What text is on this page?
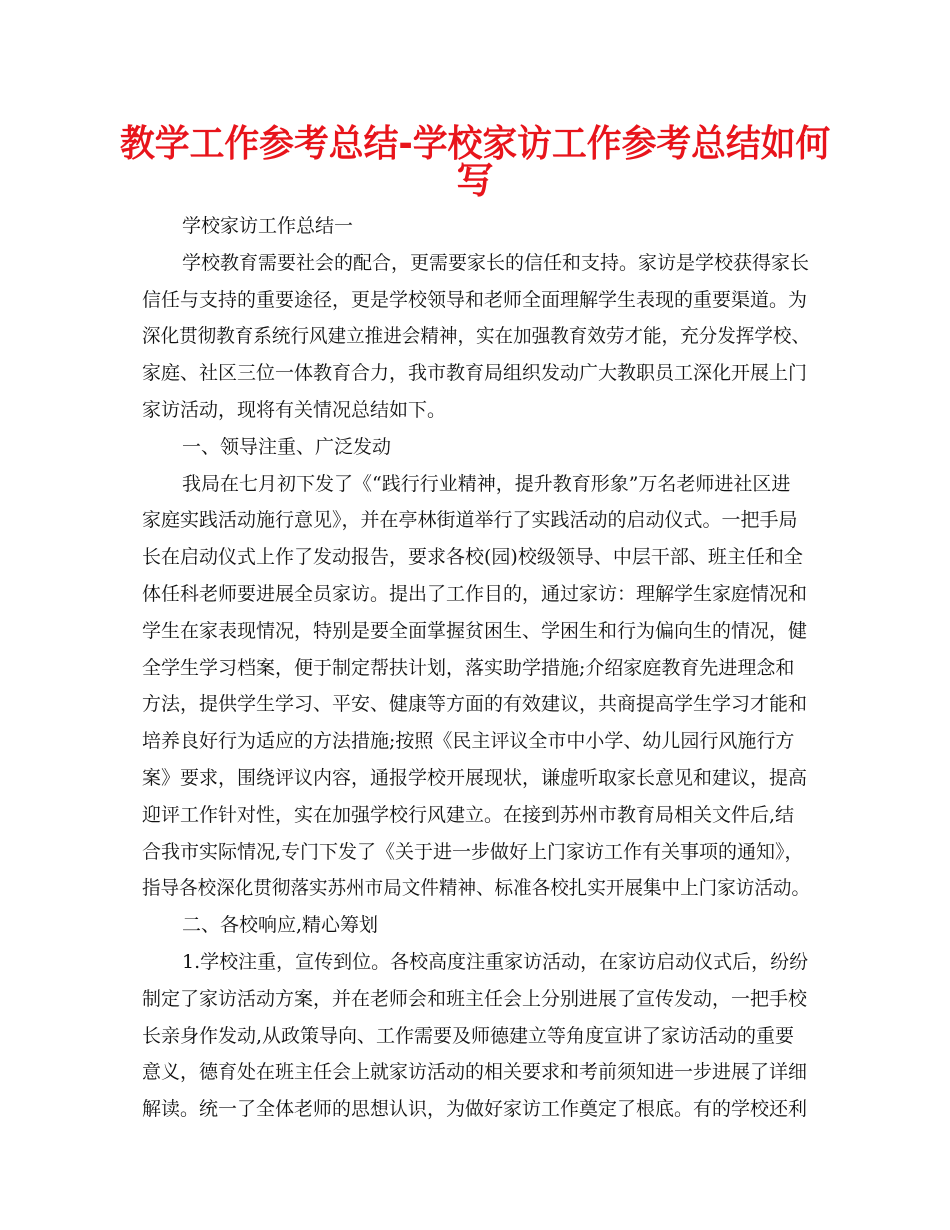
教学工作参考总结-学校家访工作参考总结如何
写
学校家访工作总结一
学校教育需要社会的配合，更需要家长的信任和支持。家访是学校获得家长
信任与支持的重要途径，更是学校领导和老师全面理解学生表现的重要渠道。为
深化贯彻教育系统行风建立推进会精神，实在加强教育效劳才能，充分发挥学校、
家庭、社区三位一体教育合力，我市教育局组织发动广大教职员工深化开展上门
家访活动，现将有关情况总结如下。
一、领导注重、广泛发动
我局在七月初下发了《“践行行业精神，提升教育形象”万名老师进社区进
家庭实践活动施行意见》，并在亭林街道举行了实践活动的启动仪式。一把手局
长在启动仪式上作了发动报告，要求各校(园)校级领导、中层干部、班主任和全
体任科老师要进展全员家访。提出了工作目的，通过家访：理解学生家庭情况和
学生在家表现情况，特别是要全面掌握贫困生、学困生和行为偏向生的情况，健
全学生学习档案，便于制定帮扶计划，落实助学措施;介绍家庭教育先进理念和
方法，提供学生学习、平安、健康等方面的有效建议，共商提高学生学习才能和
培养良好行为适应的方法措施;按照《民主评议全市中小学、幼儿园行风施行方
案》要求，围绕评议内容，通报学校开展现状，谦虚听取家长意见和建议，提高
迎评工作针对性，实在加强学校行风建立。在接到苏州市教育局相关文件后,结
合我市实际情况,专门下发了《关于进一步做好上门家访工作有关事项的通知》，
指导各校深化贯彻落实苏州市局文件精神、标准各校扎实开展集中上门家访活动。
二、各校响应,精心筹划
1.学校注重，宣传到位。各校高度注重家访活动，在家访启动仪式后，纷纷
制定了家访活动方案，并在老师会和班主任会上分别进展了宣传发动，一把手校
长亲身作发动,从政策导向、工作需要及师德建立等角度宣讲了家访活动的重要
意义，德育处在班主任会上就家访活动的相关要求和考前须知进一步进展了详细
解读。统一了全体老师的思想认识，为做好家访工作奠定了根底。有的学校还利
